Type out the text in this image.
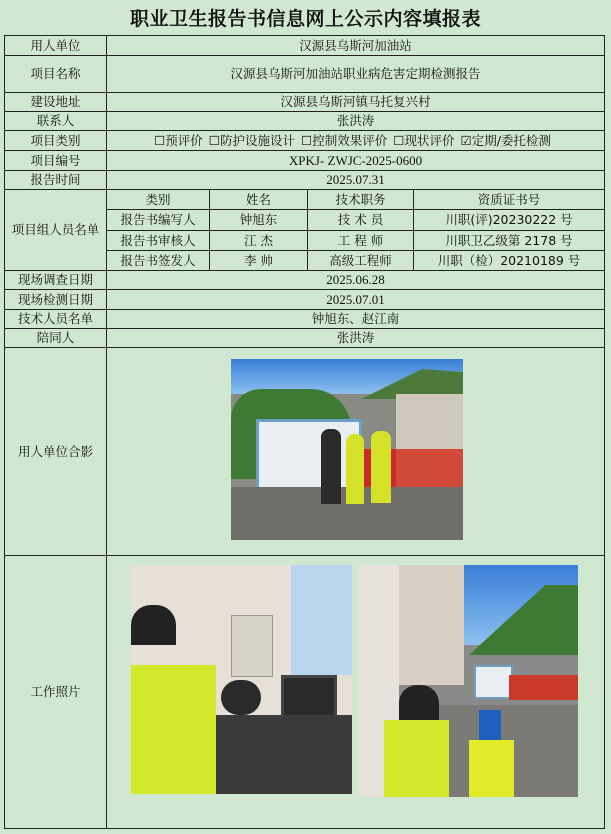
职业卫生报告书信息网上公示内容填报表
用人单位	汉源县乌斯河加油站			
项目名称	汉源县乌斯河加油站职业病危害定期检测报告			
建设地址	汉源县乌斯河镇马托复兴村			
联系人	张洪涛			
项目类别	☐预评价 ☐防护设施设计 ☐控制效果评价 ☐现状评价 ☑定期/委托检测			
项目编号	XPKJ- ZWJC-2025-0600			
报告时间	2025.07.31			
项目组人员名单	类别	姓名	技术职务	资质证书号
	报告书编写人	钟旭东	技 术 员	川职(评)20230222 号
	报告书审核人	江 杰	工 程 师	川职卫乙级第 2178 号
	报告书签发人	李 帅	高级工程师	川职（检）20210189 号
现场调查日期	2025.06.28			
现场检测日期	2025.07.01			
技术人员名单	钟旭东、赵江南			
陪同人	张洪涛			
用人单位合影				
工作照片				
